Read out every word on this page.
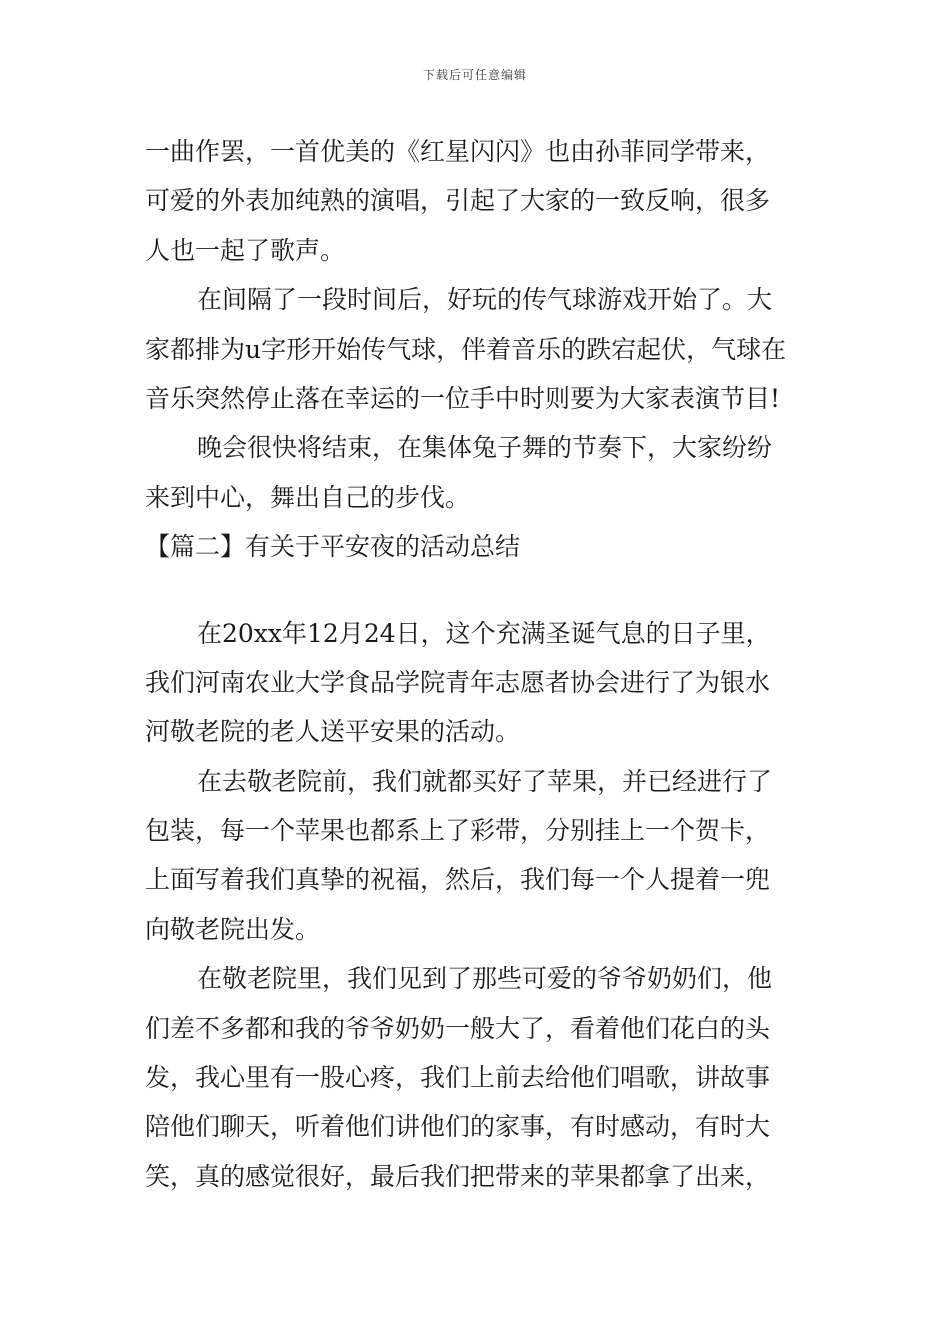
下载后可任意编辑
一曲作罢，一首优美的《红星闪闪》也由孙菲同学带来，
可爱的外表加纯熟的演唱，引起了大家的一致反响，很多
人也一起了歌声。
在间隔了一段时间后，好玩的传气球游戏开始了。大
家都排为u字形开始传气球，伴着音乐的跌宕起伏，气球在
音乐突然停止落在幸运的一位手中时则要为大家表演节目!
晚会很快将结束，在集体兔子舞的节奏下，大家纷纷
来到中心，舞出自己的步伐。
【篇二】有关于平安夜的活动总结
在20xx年12月24日，这个充满圣诞气息的日子里，
我们河南农业大学食品学院青年志愿者协会进行了为银水
河敬老院的老人送平安果的活动。
在去敬老院前，我们就都买好了苹果，并已经进行了
包装，每一个苹果也都系上了彩带，分别挂上一个贺卡，
上面写着我们真挚的祝福，然后，我们每一个人提着一兜
向敬老院出发。
在敬老院里，我们见到了那些可爱的爷爷奶奶们，他
们差不多都和我的爷爷奶奶一般大了，看着他们花白的头
发，我心里有一股心疼，我们上前去给他们唱歌，讲故事
陪他们聊天，听着他们讲他们的家事，有时感动，有时大
笑，真的感觉很好，最后我们把带来的苹果都拿了出来，
